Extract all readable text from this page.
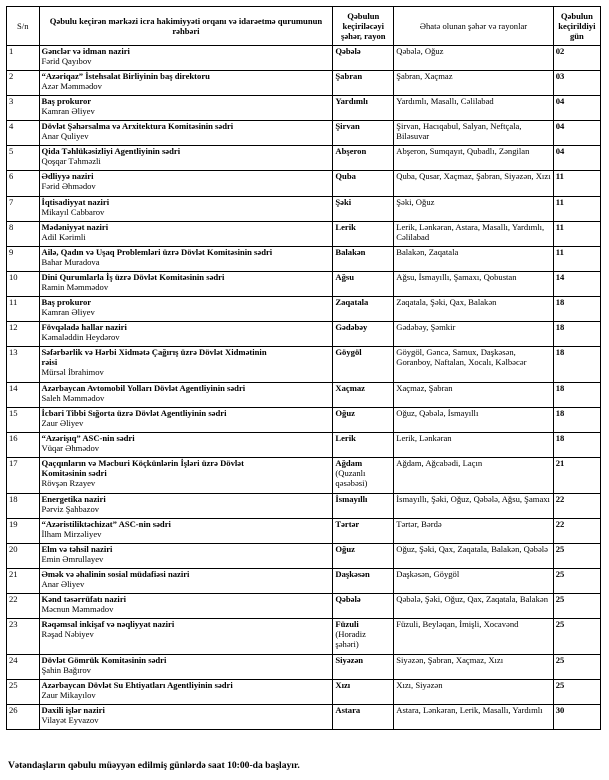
S/n	Qəbulu keçirən mərkəzi icra hakimiyyəti orqanı və idarəetmə qurumunun rəhbəri	Qəbulun keçiriləcəyi şəhər, rayon	Əhatə olunan şəhər və rayonlar	Qəbulun keçirildiyi gün
1	Gənclər və idman naziri
Fərid Qayıbov	Qəbələ	Qəbələ, Oğuz	02
2	“Azəriqaz” İstehsalat Birliyinin baş direktoru
Azər Məmmədov	Şabran	Şabran, Xaçmaz	03
3	Baş prokuror
Kamran Əliyev	Yardımlı	Yardımlı, Masallı, Cəlilabad	04
4	Dövlət Şəhərsalma və Arxitektura Komitəsinin sədri
Anar Quliyev	Şirvan	Şirvan, Hacıqabul, Salyan, Neftçala, Biləsuvar	04
5	Qida Təhlükəsizliyi Agentliyinin sədri
Qoşqar Təhməzli	Abşeron	Abşeron, Sumqayıt, Qubadlı, Zəngilan	04
6	Ədliyyə naziri
Fərid Əhmədov	Quba	Quba, Qusar, Xaçmaz, Şabran, Siyəzən, Xızı	11
7	İqtisadiyyat naziri
Mikayıl Cabbarov	Şəki	Şəki, Oğuz	11
8	Mədəniyyət naziri
Adil Kərimli	Lerik	Lerik, Lənkəran, Astara, Masallı, Yardımlı, Cəlilabad	11
9	Ailə, Qadın və Uşaq Problemləri üzrə Dövlət Komitəsinin sədri
Bahar Muradova	Balakən	Balakən, Zaqatala	11
10	Dini Qurumlarla İş üzrə Dövlət Komitəsinin sədri
Ramin Məmmədov	Ağsu	Ağsu, İsmayıllı, Şamaxı, Qobustan	14
11	Baş prokuror
Kamran Əliyev	Zaqatala	Zaqatala, Şəki, Qax, Balakən	18
12	Fövqəladə hallar naziri
Kəmaləddin Heydərov	Gədəbəy	Gədəbəy, Şəmkir	18
13	Səfərbərlik və Hərbi Xidmətə Çağırış üzrə Dövlət Xidmətinin
rəisi
Mürsəl İbrahimov	Göygöl	Göygöl, Gəncə, Samux, Daşkəsən, Goranboy, Naftalan, Xocalı, Kəlbəcər	18
14	Azərbaycan Avtomobil Yolları Dövlət Agentliyinin sədri
Saleh Məmmədov	Xaçmaz	Xaçmaz, Şabran	18
15	İcbari Tibbi Sığorta üzrə Dövlət Agentliyinin sədri
Zaur Əliyev	Oğuz	Oğuz, Qəbələ, İsmayıllı	18
16	“Azərişıq” ASC-nin sədri
Vüqar Əhmədov	Lerik	Lerik, Lənkəran	18
17	Qaçqınların və Məcburi Köçkünlərin İşləri üzrə Dövlət
Komitəsinin sədri
Rövşən Rzayev	Ağdam
(Quzanlı qəsəbəsi)	Ağdam, Ağcabədi, Laçın	21
18	Energetika naziri
Pərviz Şahbazov	İsmayıllı	İsmayıllı, Şəki, Oğuz, Qəbələ, Ağsu, Şamaxı	22
19	“Azəristiliktəchizat” ASC-nin sədri
İlham Mirzəliyev	Tərtər	Tərtər, Bərdə	22
20	Elm və təhsil naziri
Emin Əmrullayev	Oğuz	Oğuz, Şəki, Qax, Zaqatala, Balakən, Qəbələ	25
21	Əmək və əhalinin sosial müdafiəsi naziri
Anar Əliyev	Daşkəsən	Daşkəsən, Göygöl	25
22	Kənd təsərrüfatı naziri
Məcnun Məmmədov	Qəbələ	Qəbələ, Şəki, Oğuz, Qax, Zaqatala, Balakən	25
23	Rəqəmsal inkişaf və nəqliyyat naziri
Rəşad Nəbiyev	Füzuli
(Horadiz şəhəri)	Füzuli, Beyləqan, İmişli, Xocavənd	25
24	Dövlət Gömrük Komitəsinin sədri
Şahin Bağırov	Siyəzən	Siyəzən, Şabran, Xaçmaz, Xızı	25
25	Azərbaycan Dövlət Su Ehtiyatları Agentliyinin sədri
Zaur Mikayılov	Xızı	Xızı, Siyəzən	25
26	Daxili işlər naziri
Vilayət Eyvazov	Astara	Astara, Lənkəran, Lerik, Masallı, Yardımlı	30
Vətəndaşların qəbulu müəyyən edilmiş günlərdə saat 10:00-da başlayır.
